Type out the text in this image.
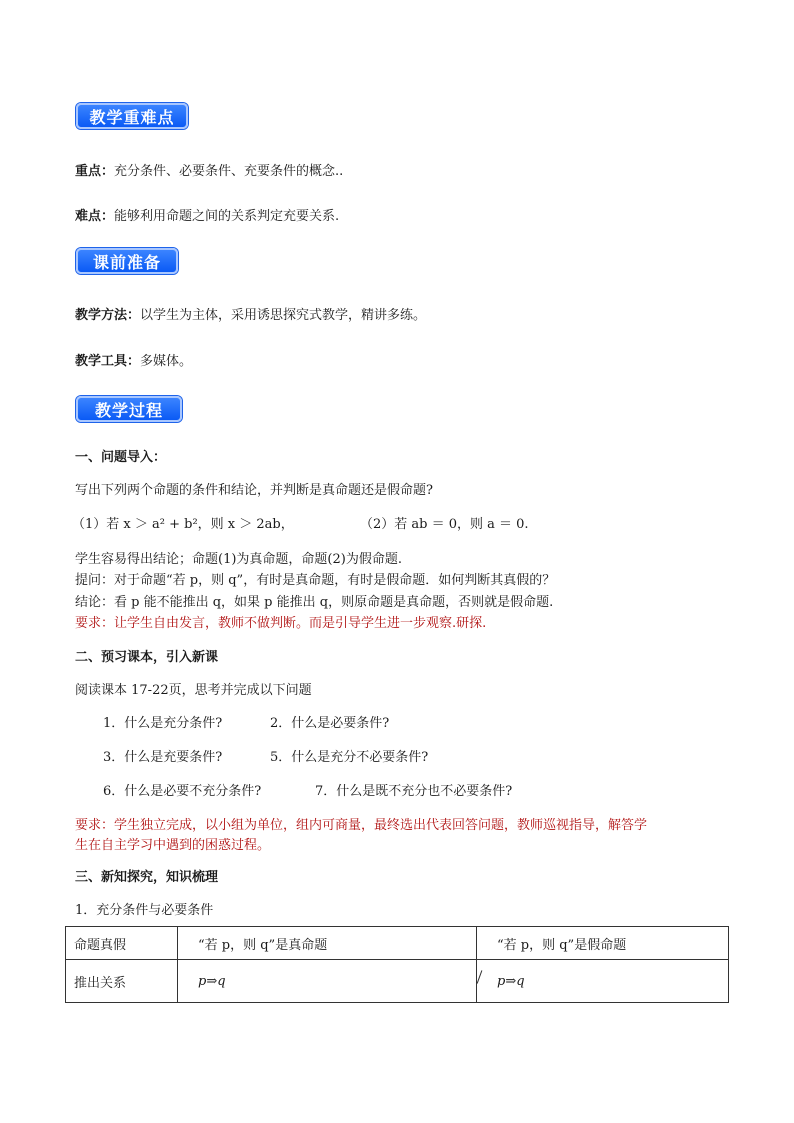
教学重难点
重点：充分条件、必要条件、充要条件的概念..
难点：能够利用命题之间的关系判定充要关系.
课前准备
教学方法：以学生为主体，采用诱思探究式教学，精讲多练。
教学工具：多媒体。
教学过程
一、问题导入：
写出下列两个命题的条件和结论，并判断是真命题还是假命题?
（1）若 x ＞ a² + b²，则 x ＞ 2ab，	（2）若 ab ＝ 0，则 a ＝ 0.
学生容易得出结论；命题(1)为真命题，命题(2)为假命题.
提问：对于命题“若 p，则 q”，有时是真命题，有时是假命题．如何判断其真假的？
结论：看 p 能不能推出 q，如果 p 能推出 q，则原命题是真命题，否则就是假命题.
要求：让学生自由发言，教师不做判断。而是引导学生进一步观察.研探.
二、预习课本，引入新课
阅读课本 17-22页，思考并完成以下问题
1．什么是充分条件?	2．什么是必要条件?
3．什么是充要条件?	5．什么是充分不必要条件?
6．什么是必要不充分条件?	7．什么是既不充分也不必要条件?
要求：学生独立完成，以小组为单位，组内可商量，最终选出代表回答问题，教师巡视指导，解答学
生在自主学习中遇到的困惑过程。
三、新知探究，知识梳理
1．充分条件与必要条件
命题真假	“若 p，则 q”是真命题	“若 p，则 q”是假命题
推出关系	p⇒q	p⇒q
